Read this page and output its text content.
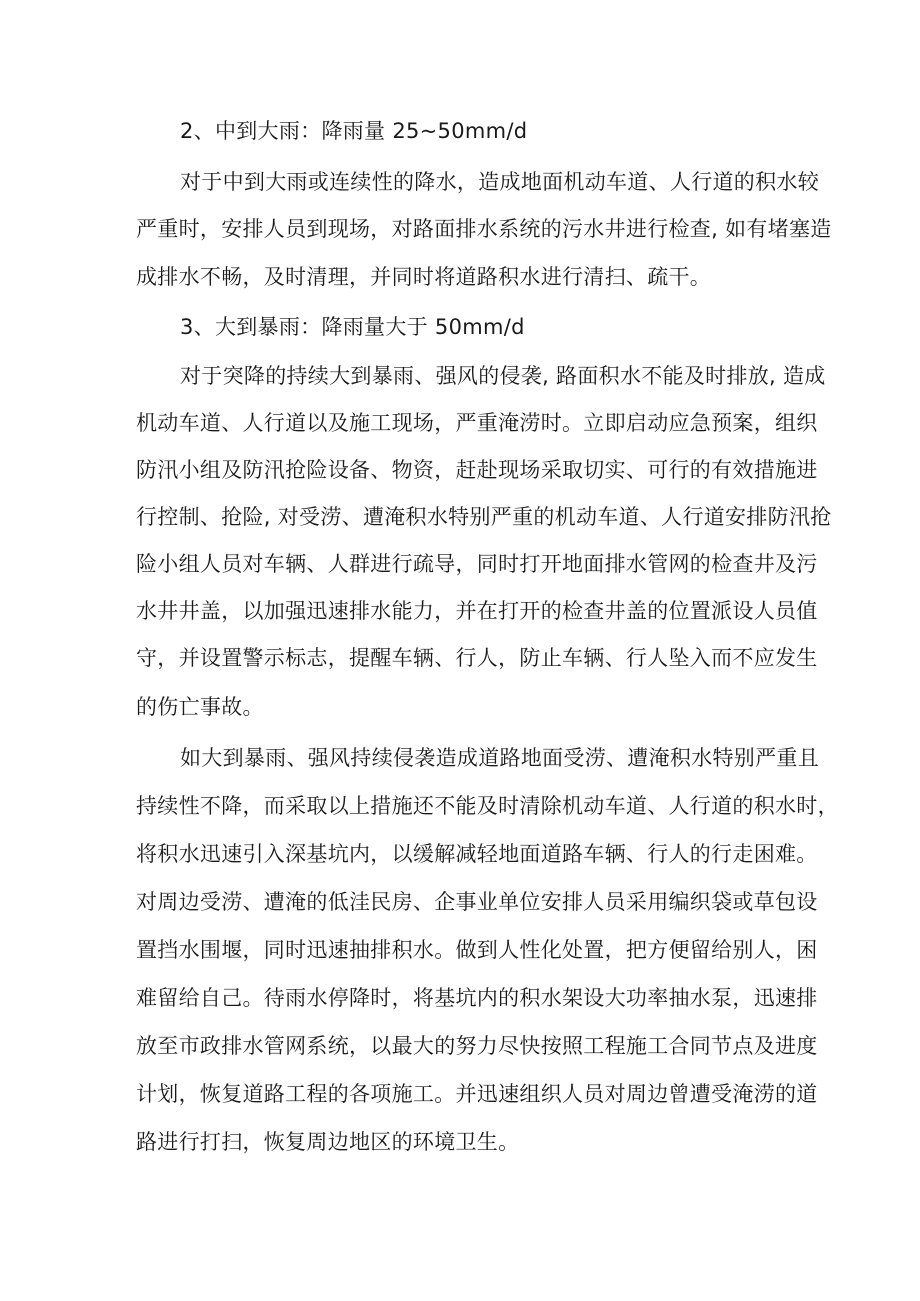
2、中到大雨：降雨量 25~50mm/d
对于中到大雨或连续性的降水，造成地面机动车道、人行道的积水较
严重时，安排人员到现场，对路面排水系统的污水井进行检查, 如有堵塞造
成排水不畅，及时清理，并同时将道路积水进行清扫、疏干。
3、大到暴雨：降雨量大于 50mm/d
对于突降的持续大到暴雨、强风的侵袭, 路面积水不能及时排放, 造成
机动车道、人行道以及施工现场，严重淹涝时。立即启动应急预案，组织
防汛小组及防汛抢险设备、物资，赶赴现场采取切实、可行的有效措施进
行控制、抢险, 对受涝、遭淹积水特别严重的机动车道、人行道安排防汛抢
险小组人员对车辆、人群进行疏导，同时打开地面排水管网的检查井及污
水井井盖，以加强迅速排水能力，并在打开的检查井盖的位置派设人员值
守，并设置警示标志，提醒车辆、行人，防止车辆、行人坠入而不应发生
的伤亡事故。
如大到暴雨、强风持续侵袭造成道路地面受涝、遭淹积水特别严重且
持续性不降，而采取以上措施还不能及时清除机动车道、人行道的积水时，
将积水迅速引入深基坑内，以缓解减轻地面道路车辆、行人的行走困难。
对周边受涝、遭淹的低洼民房、企事业单位安排人员采用编织袋或草包设
置挡水围堰，同时迅速抽排积水。做到人性化处置，把方便留给别人，困
难留给自己。待雨水停降时，将基坑内的积水架设大功率抽水泵，迅速排
放至市政排水管网系统，以最大的努力尽快按照工程施工合同节点及进度
计划，恢复道路工程的各项施工。并迅速组织人员对周边曾遭受淹涝的道
路进行打扫，恢复周边地区的环境卫生。
